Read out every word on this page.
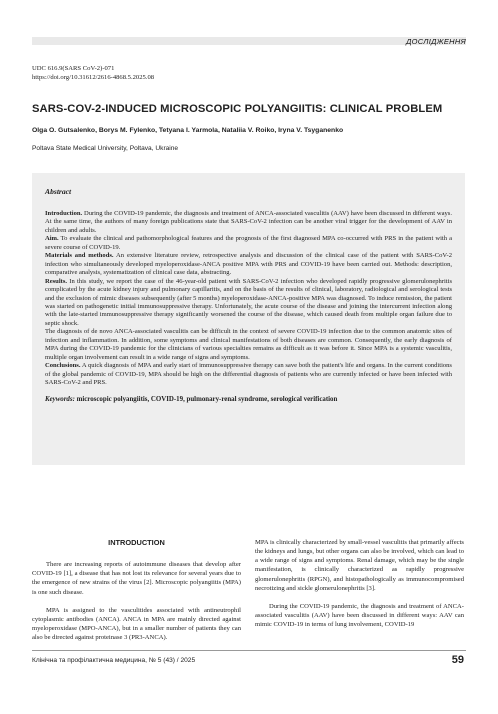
ДОСЛІДЖЕННЯ
UDC 616.9(SARS CoV-2)-071
https://doi.org/10.31612/2616-4868.5.2025.08
SARS-COV-2-INDUCED MICROSCOPIC POLYANGIITIS: CLINICAL PROBLEM
Olga O. Gutsalenko, Borys M. Fylenko, Tetyana I. Yarmola, Nataliia V. Roiko, Iryna V. Tsyganenko
Poltava State Medical University, Poltava, Ukraine
Abstract

Introduction. During the COVID-19 pandemic, the diagnosis and treatment of ANCA-associated vasculitis (AAV) have been discussed in different ways. At the same time, the authors of many foreign publications state that SARS-CoV-2 infection can be another viral trigger for the development of AAV in children and adults.

Aim. To evaluate the clinical and pathomorphological features and the prognosis of the first diagnosed MPA co-occurred with PRS in the patient with a severe course of COVID-19.

Materials and methods. An extensive literature review, retrospective analysis and discussion of the clinical case of the patient with SARS-CoV-2 infection who simultaneously developed myeloperoxidase-ANCA positive MPA with PRS and COVID-19 have been carried out. Methods: description, comparative analysis, systematization of clinical case data, abstracting.

Results. In this study, we report the case of the 46-year-old patient with SARS-CoV-2 infection who developed rapidly progressive glomerulonephritis complicated by the acute kidney injury and pulmonary capillaritis, and on the basis of the results of clinical, laboratory, radiological and serological tests and the exclusion of mimic diseases subsequently (after 5 months) myeloperoxidase-ANCA-positive MPA was diagnosed. To induce remission, the patient was started on pathogenetic initial immunosuppressive therapy. Unfortunately, the acute course of the disease and joining the intercurrent infection along with the late-started immunosuppressive therapy significantly worsened the course of the disease, which caused death from multiple organ failure due to septic shock.

The diagnosis of de novo ANCA-associated vasculitis can be difficult in the context of severe COVID-19 infection due to the common anatomic sites of infection and inflammation. In addition, some symptoms and clinical manifestations of both diseases are common. Consequently, the early diagnosis of MPA during the COVID-19 pandemic for the clinicians of various specialties remains as difficult as it was before it. Since MPA is a systemic vasculitis, multiple organ involvement can result in a wide range of signs and symptoms.

Conclusions. A quick diagnosis of MPA and early start of immunosuppressive therapy can save both the patient's life and organs. In the current conditions of the global pandemic of COVID-19, MPA should be high on the differential diagnosis of patients who are currently infected or have been infected with SARS-CoV-2 and PRS.

Keywords: microscopic polyangiitis, COVID-19, pulmonary-renal syndrome, serological verification

INTRODUCTION

There are increasing reports of autoimmune diseases that develop after COVID-19 [1], a disease that has not lost its relevance for several years due to the emergence of new strains of the virus [2]. Microscopic polyangiitis (MPA) is one such disease.

MPA is assigned to the vasculitides associated with antineutrophil cytoplasmic antibodies (ANCA). ANCA in MPA are mainly directed against myeloperoxidase (MPO-ANCA), but in a smaller number of patients they can also be directed against proteinase 3 (PR3-ANCA).

MPA is clinically characterized by small-vessel vasculitis that primarily affects the kidneys and lungs, but other organs can also be involved, which can lead to a wide range of signs and symptoms. Renal damage, which may be the single manifestation, is clinically characterized as rapidly progressive glomerulonephritis (RPGN), and histopathologically as immunocompromised necrotizing and sickle glomerulonephritis [3].

During the COVID-19 pandemic, the diagnosis and treatment of ANCA-associated vasculitis (AAV) have been discussed in different ways: AAV can mimic COVID-19 in terms of lung involvement, COVID-19

Клінічна та профілактична медицина, № 5 (43) / 2025	59
